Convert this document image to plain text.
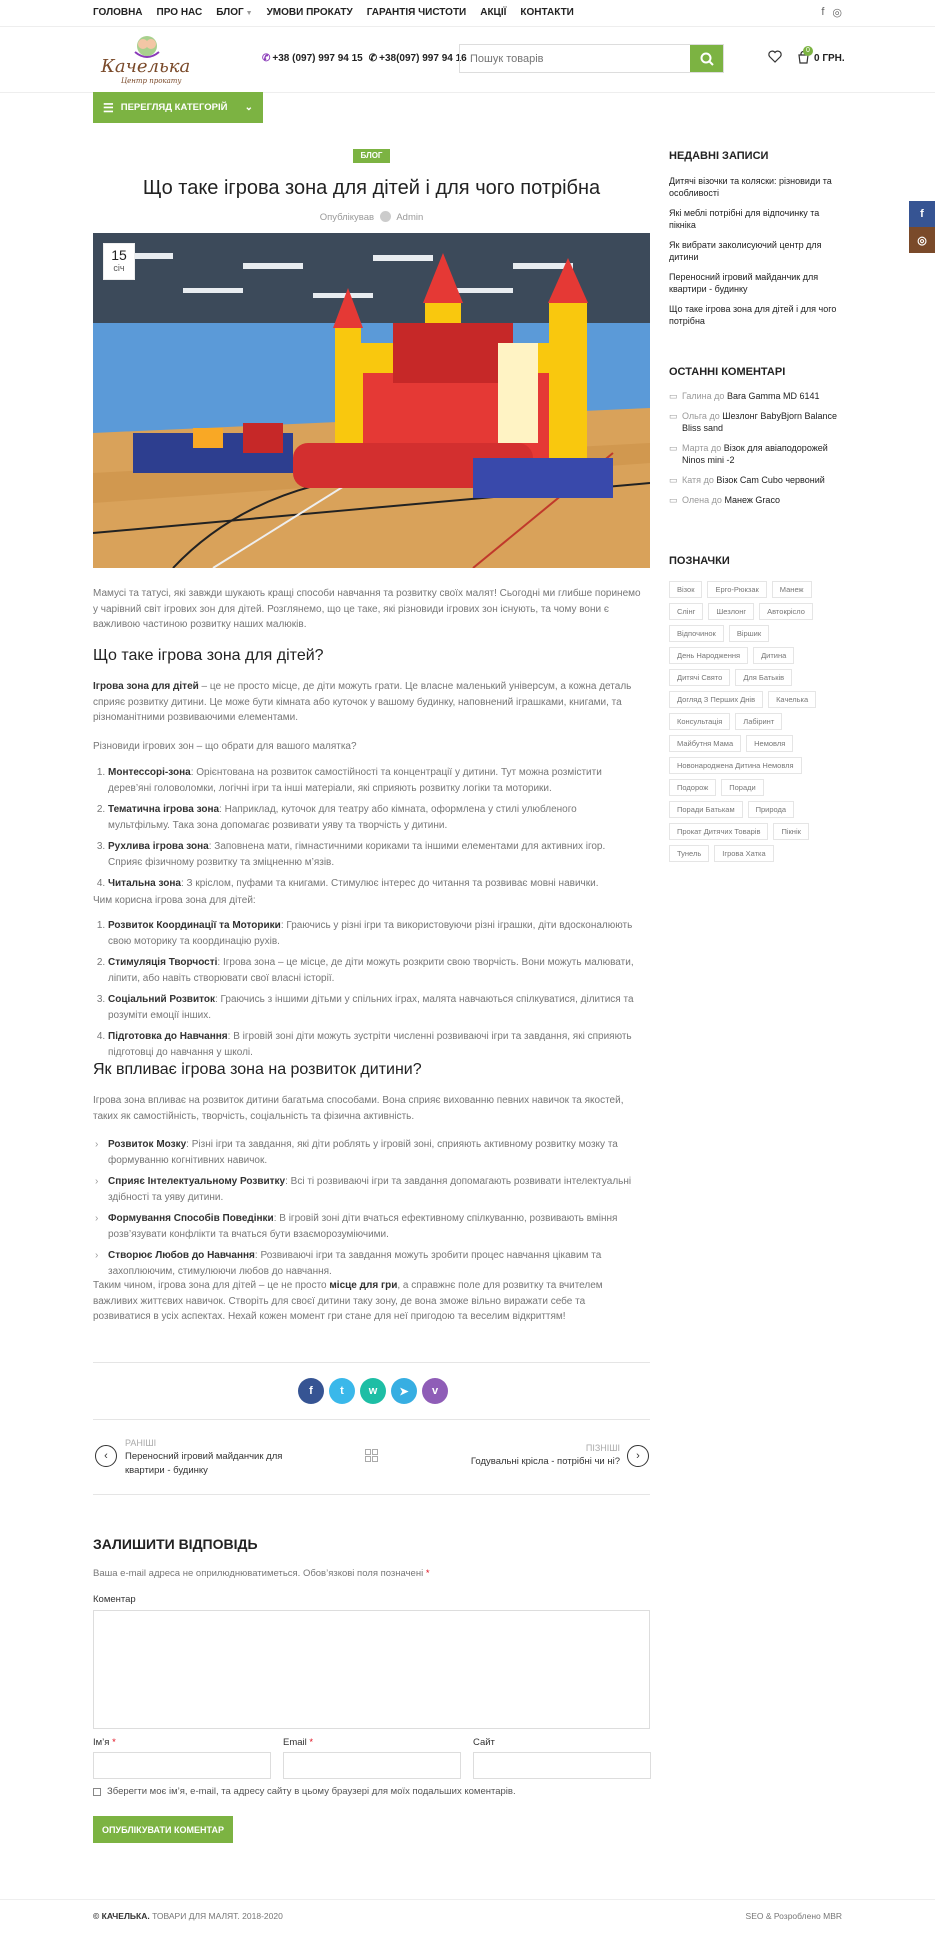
ГОЛОВНА ПРО НАС БЛОГ ▼ УМОВИ ПРОКАТУ ГАРАНТІЯ ЧИСТОТИ АКЦІЇ КОНТАКТИ	f ◎
Качелька
Центр прокату
✆ +38 (097) 997 94 15 ✆ +38(097) 997 94 16
Пошук товарів
0
0 ГРН.
☰ ПЕРЕГЛЯД КАТЕГОРІЙ ⌄
БЛОГ
Що таке ігрова зона для дітей і для чого потрібна
Опублікував Admin
15
січ

Мамусі та татусі, які завжди шукають кращі способи навчання та розвитку своїх малят! Сьогодні ми глибше поринемо у чарівний світ ігрових зон для дітей. Розглянемо, що це таке, які різновиди ігрових зон існують, та чому вони є важливою частиною розвитку наших малюків.

Що таке ігрова зона для дітей?

Ігрова зона для дітей – це не просто місце, де діти можуть грати. Це власне маленький універсум, а кожна деталь сприяє розвитку дитини. Це може бути кімната або куточок у вашому будинку, наповнений іграшками, книгами, та різноманітними розвиваючими елементами.

Різновиди ігрових зон – що обрати для вашого малятка?

1. Монтессорі-зона: Орієнтована на розвиток самостійності та концентрації у дитини. Тут можна розмістити дерев’яні головоломки, логічні ігри та інші матеріали, які сприяють розвитку логіки та моторики.
2. Тематична ігрова зона: Наприклад, куточок для театру або кімната, оформлена у стилі улюбленого мультфільму. Така зона допомагає розвивати уяву та творчість у дитини.
3. Рухлива ігрова зона: Заповнена мати, гімнастичними кориками та іншими елементами для активних ігор. Сприяє фізичному розвитку та зміцненню м’язів.
4. Читальна зона: З кріслом, пуфами та книгами. Стимулює інтерес до читання та розвиває мовні навички.

Чим корисна ігрова зона для дітей:

1. Розвиток Координації та Моторики: Граючись у різні ігри та використовуючи різні іграшки, діти вдосконалюють свою моторику та координацію рухів.
2. Стимуляція Творчості: Ігрова зона – це місце, де діти можуть розкрити свою творчість. Вони можуть малювати, ліпити, або навіть створювати свої власні історії.
3. Соціальний Розвиток: Граючись з іншими дітьми у спільних іграх, малята навчаються спілкуватися, ділитися та розуміти емоції інших.
4. Підготовка до Навчання: В ігровій зоні діти можуть зустріти численні розвиваючі ігри та завдання, які сприяють підготовці до навчання у школі.
Як впливає ігрова зона на розвиток дитини?

Ігрова зона впливає на розвиток дитини багатьма способами. Вона сприяє вихованню певних навичок та якостей, таких як самостійність, творчість, соціальність та фізична активність.

› Розвиток Мозку: Різні ігри та завдання, які діти роблять у ігровій зоні, сприяють активному розвитку мозку та формуванню когнітивних навичок.
› Сприяє Інтелектуальному Розвитку: Всі ті розвиваючі ігри та завдання допомагають розвивати інтелектуальні здібності та уяву дитини.
› Формування Способів Поведінки: В ігровій зоні діти вчаться ефективному спілкуванню, розвивають вміння розв’язувати конфлікти та вчаться бути взаєморозуміючими.
› Створює Любов до Навчання: Розвиваючі ігри та завдання можуть зробити процес навчання цікавим та захоплюючим, стимулюючи любов до навчання.

Таким чином, ігрова зона для дітей – це не просто місце для гри, а справжнє поле для розвитку та вчителем важливих життєвих навичок. Створіть для своєї дитини таку зону, де вона зможе вільно виражати себе та розвиватися в усіх аспектах. Нехай кожен момент гри стане для неї пригодою та веселим відкриттям!

f	t	w	➤	v
‹
РАНІШІ
Переносний ігровий майданчик для квартири - будинку
ПІЗНІШІ
Годувальні крісла - потрібні чи ні?	›
ЗАЛИШИТИ ВІДПОВІДЬ
Ваша e-mail адреса не оприлюднюватиметься. Обов’язкові поля позначені *
Коментар
Ім’я *	Email *	Сайт
Зберегти моє ім’я, e-mail, та адресу сайту в цьому браузері для моїх подальших коментарів.
ОПУБЛІКУВАТИ КОМЕНТАР
© КАЧЕЛЬКА. ТОВАРИ ДЛЯ МАЛЯТ. 2018-2020	SEO & Розроблено MBR
НЕДАВНІ ЗАПИСИ
Дитячі візочки та коляски: різновиди та особливості
Які меблі потрібні для відпочинку та пікніка
Як вибрати заколисуючий центр для дитини
Переносний ігровий майданчик для квартири - будинку
Що таке ігрова зона для дітей і для чого потрібна
ОСТАННІ КОМЕНТАРІ
▭ Галина до Bara Gamma MD 6141
▭ Ольга до Шезлонг BabyBjorn Balance Bliss sand
▭ Марта до Візок для авіаподорожей Ninos mini -2
▭ Катя до Візок Cam Cubo червоний
▭ Олена до Манеж Graco
ПОЗНАЧКИ
Візок	Ерго-Рюкзак	Манеж
Слінг	Шезлонг	Автокрісло
Відпочинок	Віршик
День Народження	Дитина
Дитячі Свято	Для Батьків
Догляд З Перших Днів	Качелька
Консультація	Лабіринт
Майбутня Мама	Немовля
Новонароджена Дитина Немовля
Подорож	Поради
Поради Батькам	Природа
Прокат Дитячих Товарів	Пікнік
Тунель	Ігрова Хатка
f
◎
